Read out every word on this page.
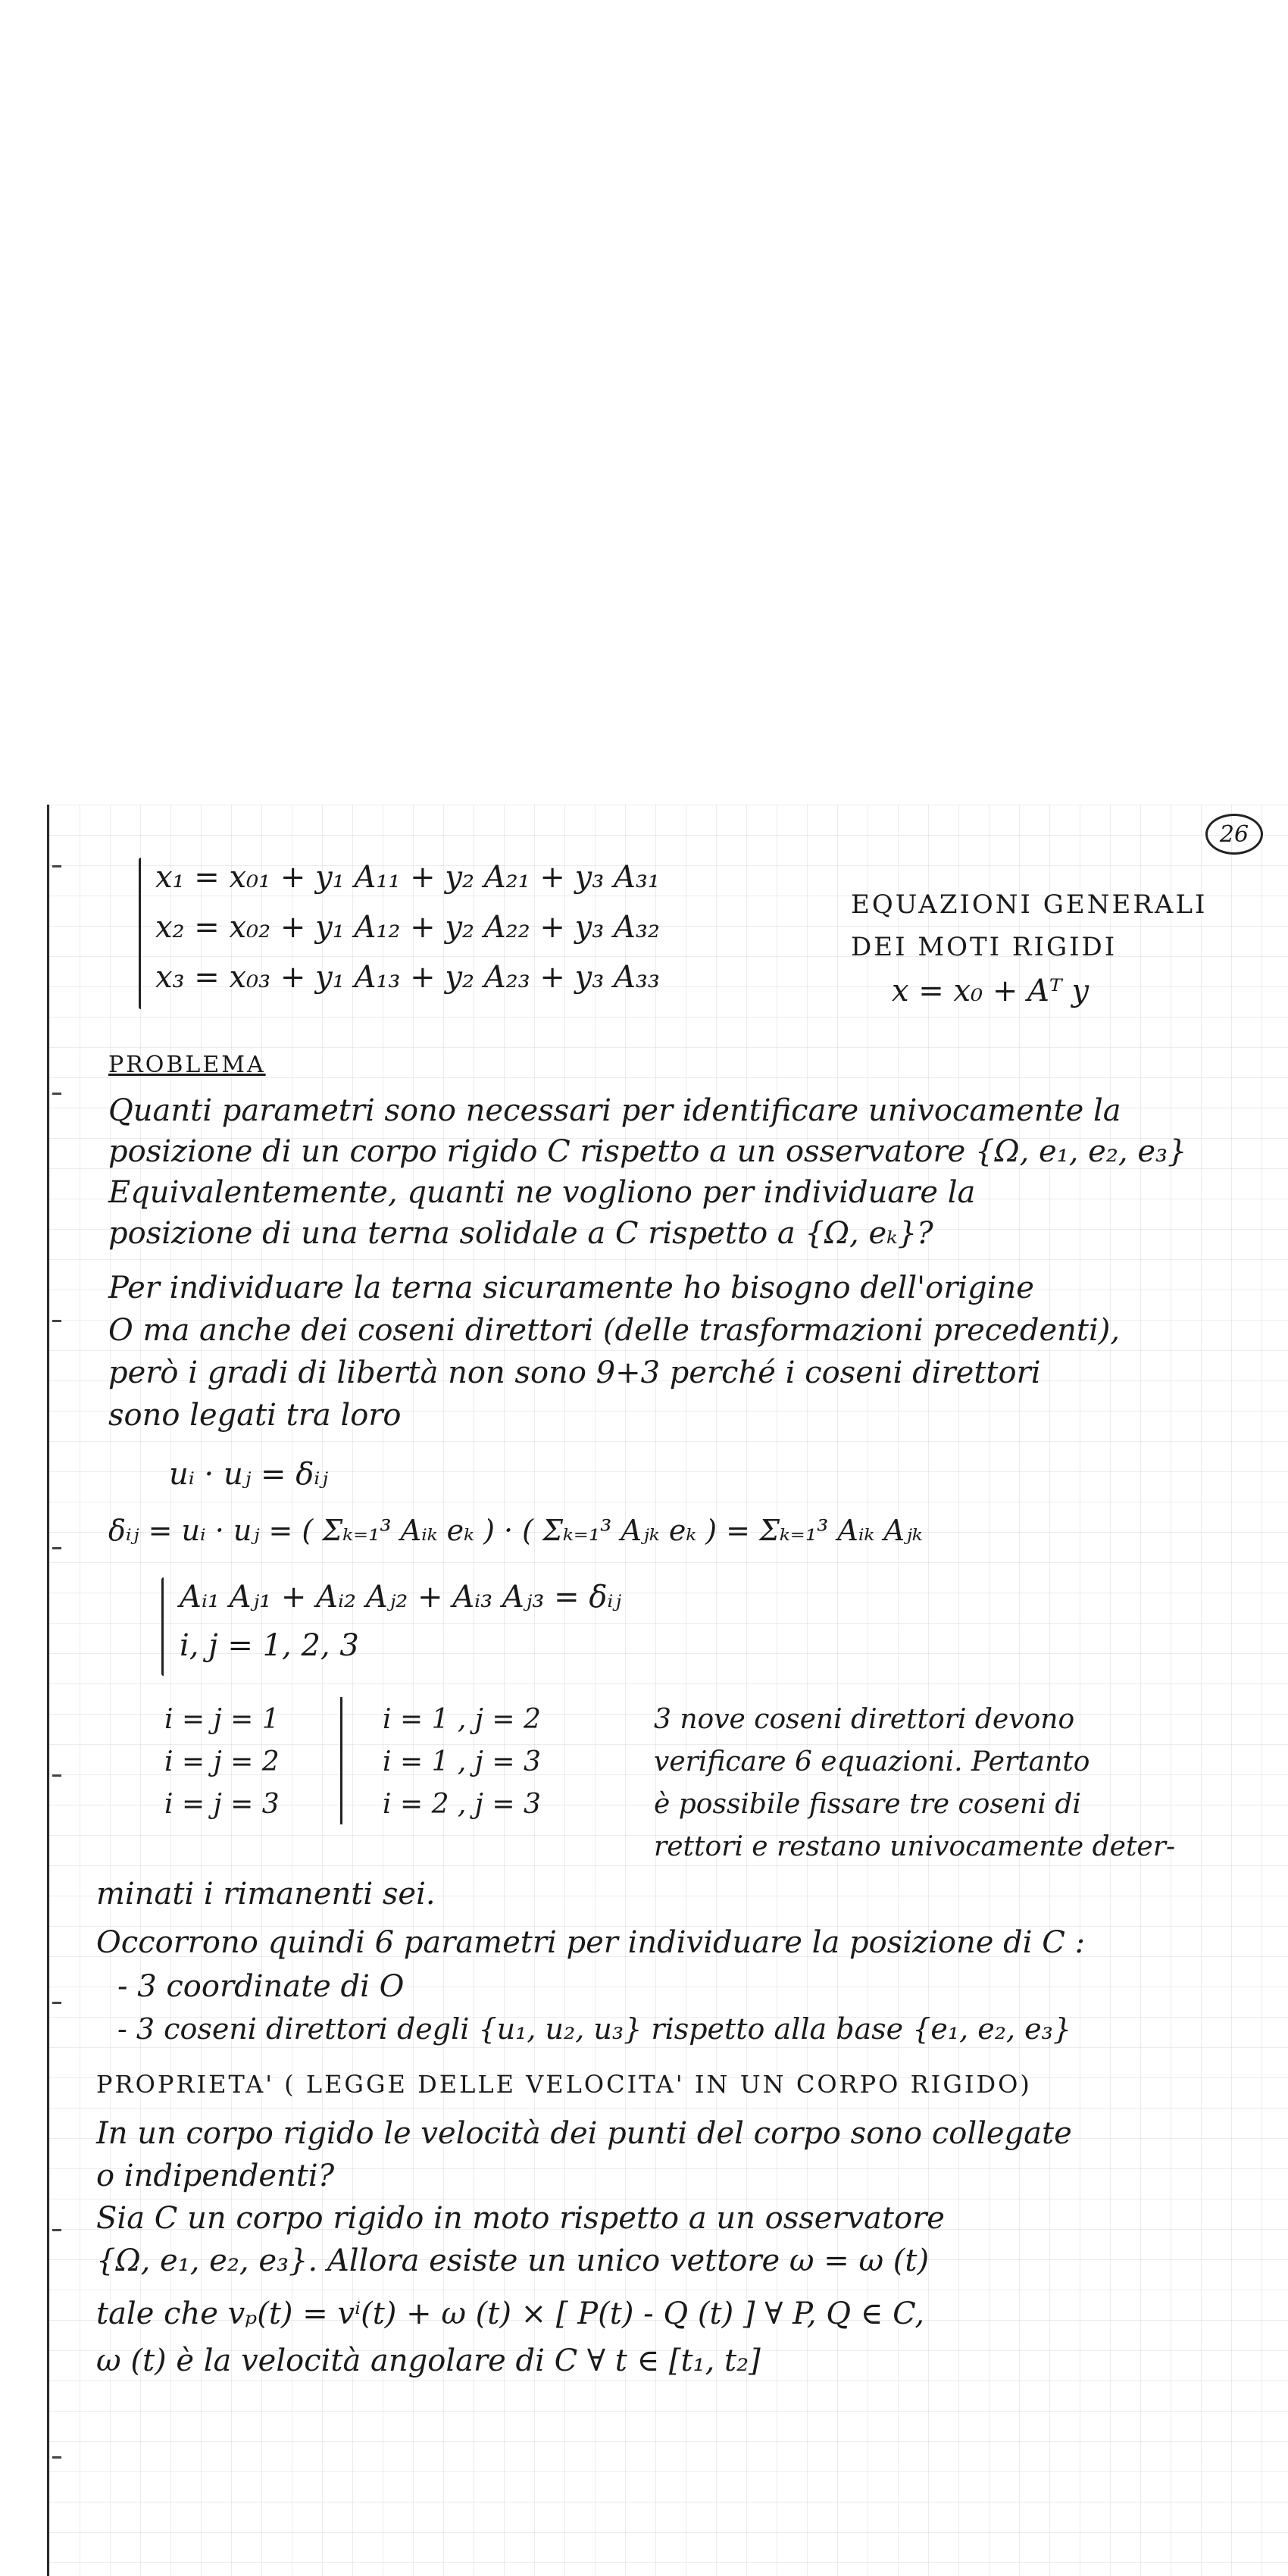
26
x₁ = x₀₁ + y₁ A₁₁ + y₂ A₂₁ + y₃ A₃₁
x₂ = x₀₂ + y₁ A₁₂ + y₂ A₂₂ + y₃ A₃₂
x₃ = x₀₃ + y₁ A₁₃ + y₂ A₂₃ + y₃ A₃₃
EQUAZIONI GENERALI
DEI MOTI RIGIDI
x = x₀ + Aᵀ y
PROBLEMA
Quanti parametri sono necessari per identificare univocamente la
posizione di un corpo rigido C rispetto a un osservatore {Ω, e₁, e₂, e₃}
Equivalentemente, quanti ne vogliono per individuare la
posizione di una terna solidale a C rispetto a {Ω, eₖ}?
Per individuare la terna sicuramente ho bisogno dell'origine
O ma anche dei coseni direttori (delle trasformazioni precedenti),
però i gradi di libertà non sono 9+3 perché i coseni direttori
sono legati tra loro
uᵢ · uⱼ = δᵢⱼ
δᵢⱼ = uᵢ · uⱼ = ( Σₖ₌₁³ Aᵢₖ eₖ ) · ( Σₖ₌₁³ Aⱼₖ eₖ ) = Σₖ₌₁³ Aᵢₖ Aⱼₖ
Aᵢ₁ Aⱼ₁ + Aᵢ₂ Aⱼ₂ + Aᵢ₃ Aⱼ₃ = δᵢⱼ
i, j = 1, 2, 3
i = j = 1
i = j = 2
i = j = 3
i = 1 , j = 2
i = 1 , j = 3
i = 2 , j = 3
3 nove coseni direttori devono
verificare 6 equazioni. Pertanto
è possibile fissare tre coseni di
rettori e restano univocamente deter-
minati i rimanenti sei.
Occorrono quindi 6 parametri per individuare la posizione di C :
- 3 coordinate di O
- 3 coseni direttori degli {u₁, u₂, u₃} rispetto alla base {e₁, e₂, e₃}
PROPRIETA' ( LEGGE DELLE VELOCITA' IN UN CORPO RIGIDO)
In un corpo rigido le velocità dei punti del corpo sono collegate
o indipendenti?
Sia C un corpo rigido in moto rispetto a un osservatore
{Ω, e₁, e₂, e₃}. Allora esiste un unico vettore ω = ω (t)
tale che vₚ(t) = vⁱ(t) + ω (t) × [ P(t) - Q (t) ] ∀ P, Q ∈ C,
ω (t) è la velocità angolare di C ∀ t ∈ [t₁, t₂]
